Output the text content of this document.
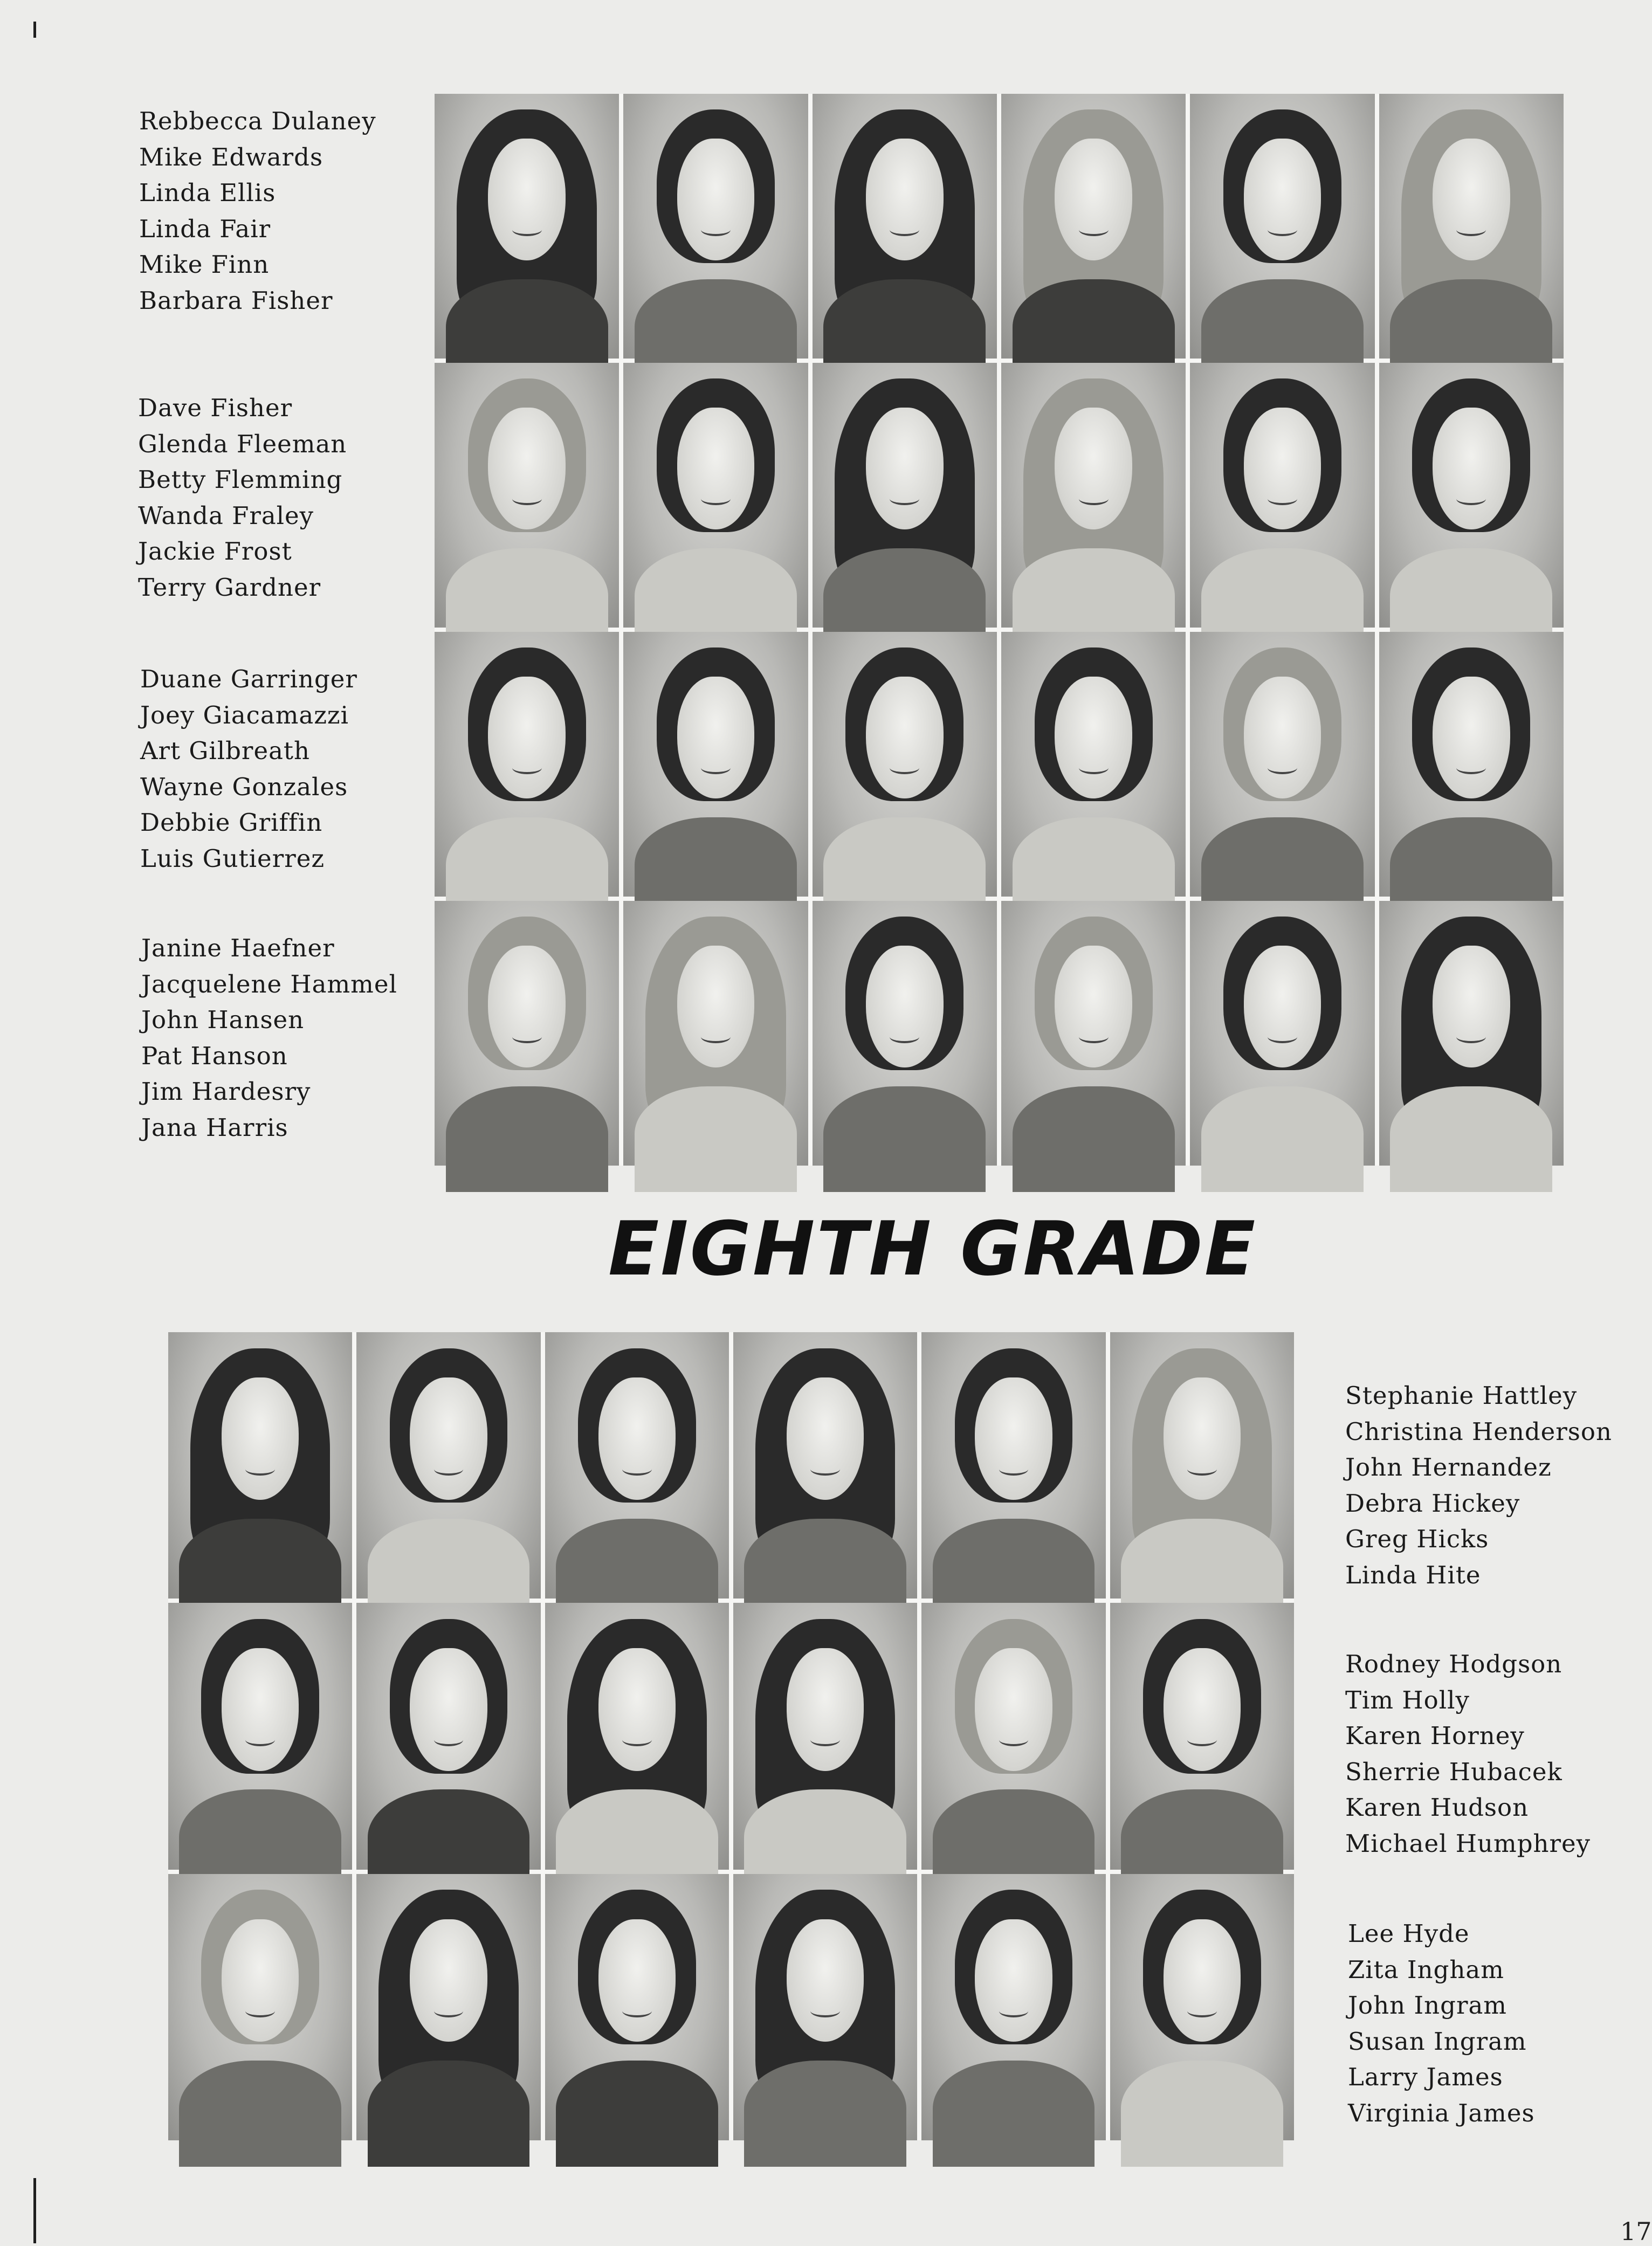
Rebbecca Dulaney
Mike Edwards
Linda Ellis
Linda Fair
Mike Finn
Barbara Fisher
Dave Fisher
Glenda Fleeman
Betty Flemming
Wanda Fraley
Jackie Frost
Terry Gardner
Duane Garringer
Joey Giacamazzi
Art Gilbreath
Wayne Gonzales
Debbie Griffin
Luis Gutierrez
Janine Haefner
Jacquelene Hammel
John Hansen
Pat Hanson
Jim Hardesry
Jana Harris
EIGHTH GRADE
Stephanie Hattley
Christina Henderson
John Hernandez
Debra Hickey
Greg Hicks
Linda Hite
Rodney Hodgson
Tim Holly
Karen Horney
Sherrie Hubacek
Karen Hudson
Michael Humphrey
Lee Hyde
Zita Ingham
John Ingram
Susan Ingram
Larry James
Virginia James
17
